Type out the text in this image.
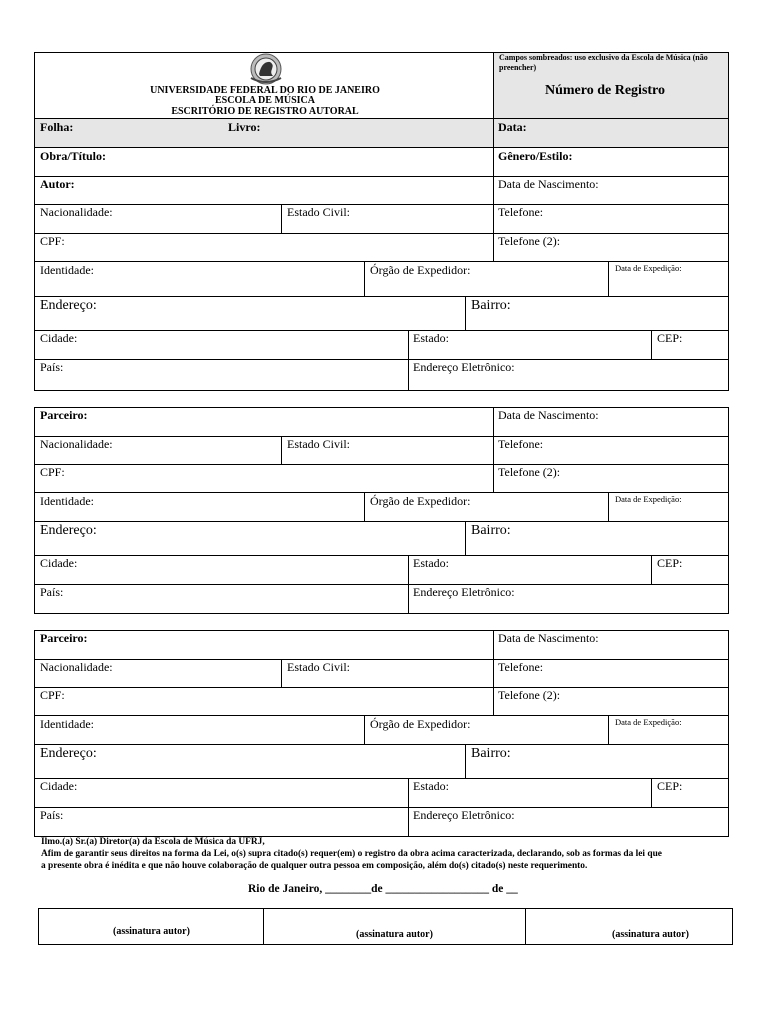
UNIVERSIDADE FEDERAL DO RIO DE JANEIRO
ESCOLA DE MÚSICA
ESCRITÓRIO DE REGISTRO AUTORAL
Campos sombreados: uso exclusivo da Escola de Música (não preencher)
Número de Registro
Folha:	Livro:	Data:
Obra/Título:	Gênero/Estilo:
Autor:	Data de Nascimento:
Nacionalidade:	Estado Civil:	Telefone:
CPF:	Telefone (2):
Identidade:	Órgão de Expedidor:	Data de Expedição:
Endereço:	Bairro:
Cidade:	Estado:	CEP:
País:	Endereço Eletrônico:
Parceiro:	Data de Nascimento:
Nacionalidade:	Estado Civil:	Telefone:
CPF:	Telefone (2):
Identidade:	Órgão de Expedidor:	Data de Expedição:
Endereço:	Bairro:
Cidade:	Estado:	CEP:
País:	Endereço Eletrônico:
Parceiro:	Data de Nascimento:
Nacionalidade:	Estado Civil:	Telefone:
CPF:	Telefone (2):
Identidade:	Órgão de Expedidor:	Data de Expedição:
Endereço:	Bairro:
Cidade:	Estado:	CEP:
País:	Endereço Eletrônico:
Ilmo.(a) Sr.(a) Diretor(a) da Escola de Música da UFRJ,
Afim de garantir seus direitos na forma da Lei, o(s) supra citado(s) requer(em) o registro da obra acima caracterizada, declarando, sob as formas da lei que
a presente obra é inédita e que não houve colaboração de qualquer outra pessoa em composição, além do(s) citado(s) neste requerimento.
Rio de Janeiro, ________de __________________ de __
(assinatura autor)	(assinatura autor)	(assinatura autor)
